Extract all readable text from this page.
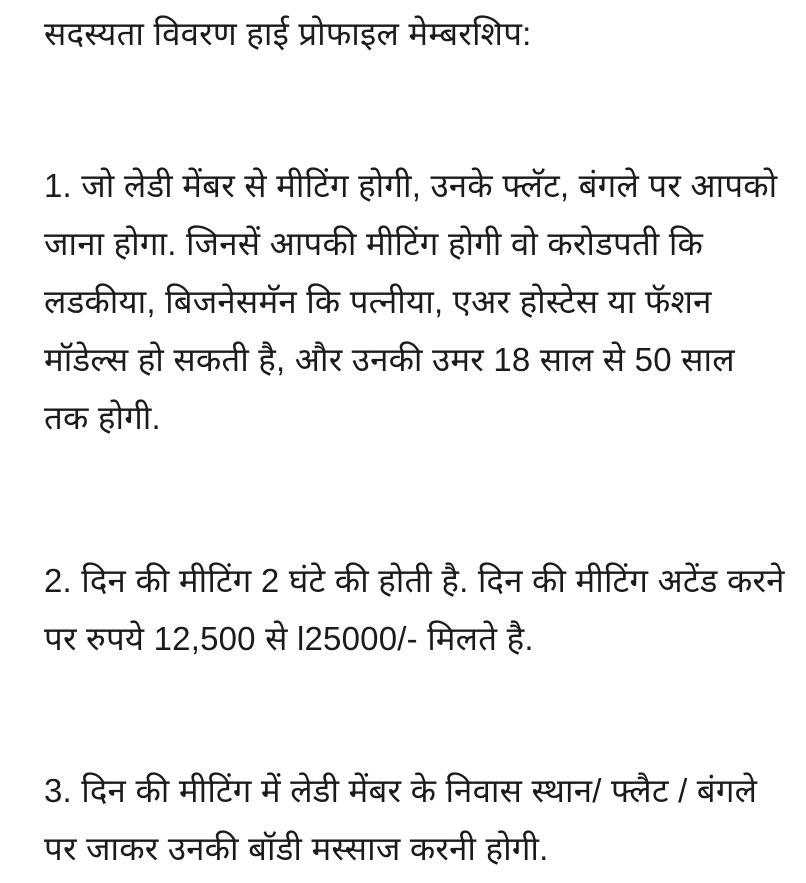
सदस्यता विवरण हाई प्रोफाइल मेम्बरशिप:
1. जो लेडी मेंबर से मीटिंग होगी, उनके फ्लॅट, बंगले पर आपको
जाना होगा. जिनसें आपकी मीटिंग होगी वो करोडपती कि
लडकीया, बिजनेसमॅन कि पत्नीया, एअर होस्टेस या फॅशन
मॉडेल्स हो सकती है, और उनकी उमर 18 साल से 50 साल
तक होगी.
2. दिन की मीटिंग 2 घंटे की होती है. दिन की मीटिंग अटेंड करने
पर रुपये 12,500 से l25000/- मिलते है.
3. दिन की मीटिंग में लेडी मेंबर के निवास स्थान/ फ्लैट / बंगले
पर जाकर उनकी बॉडी मस्साज करनी होगी.
